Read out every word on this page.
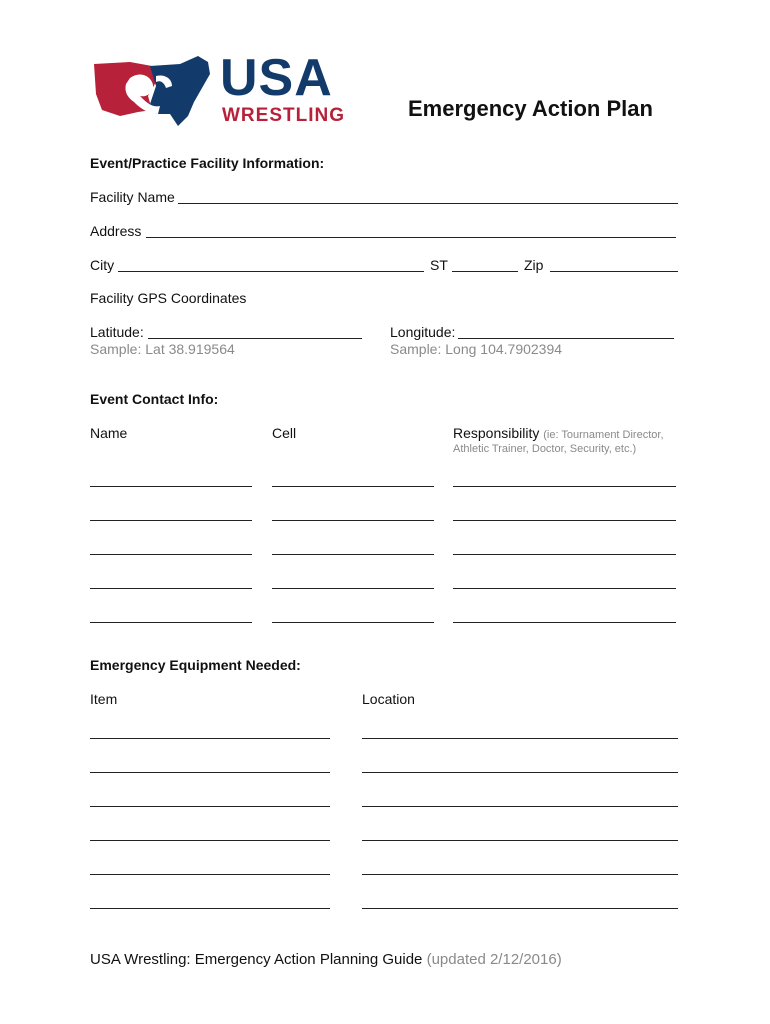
USA
WRESTLING	Emergency Action Plan
Event/Practice Facility Information:
Facility Name
Address
City	ST	Zip
Facility GPS Coordinates
Latitude:
Sample: Lat 38.919564
Longitude:
Sample: Long 104.7902394
Event Contact Info:
Name	Cell	Responsibility (ie: Tournament Director,
Athletic Trainer, Doctor, Security, etc.)
Emergency Equipment Needed:
Item	Location
USA Wrestling: Emergency Action Planning Guide (updated 2/12/2016)
